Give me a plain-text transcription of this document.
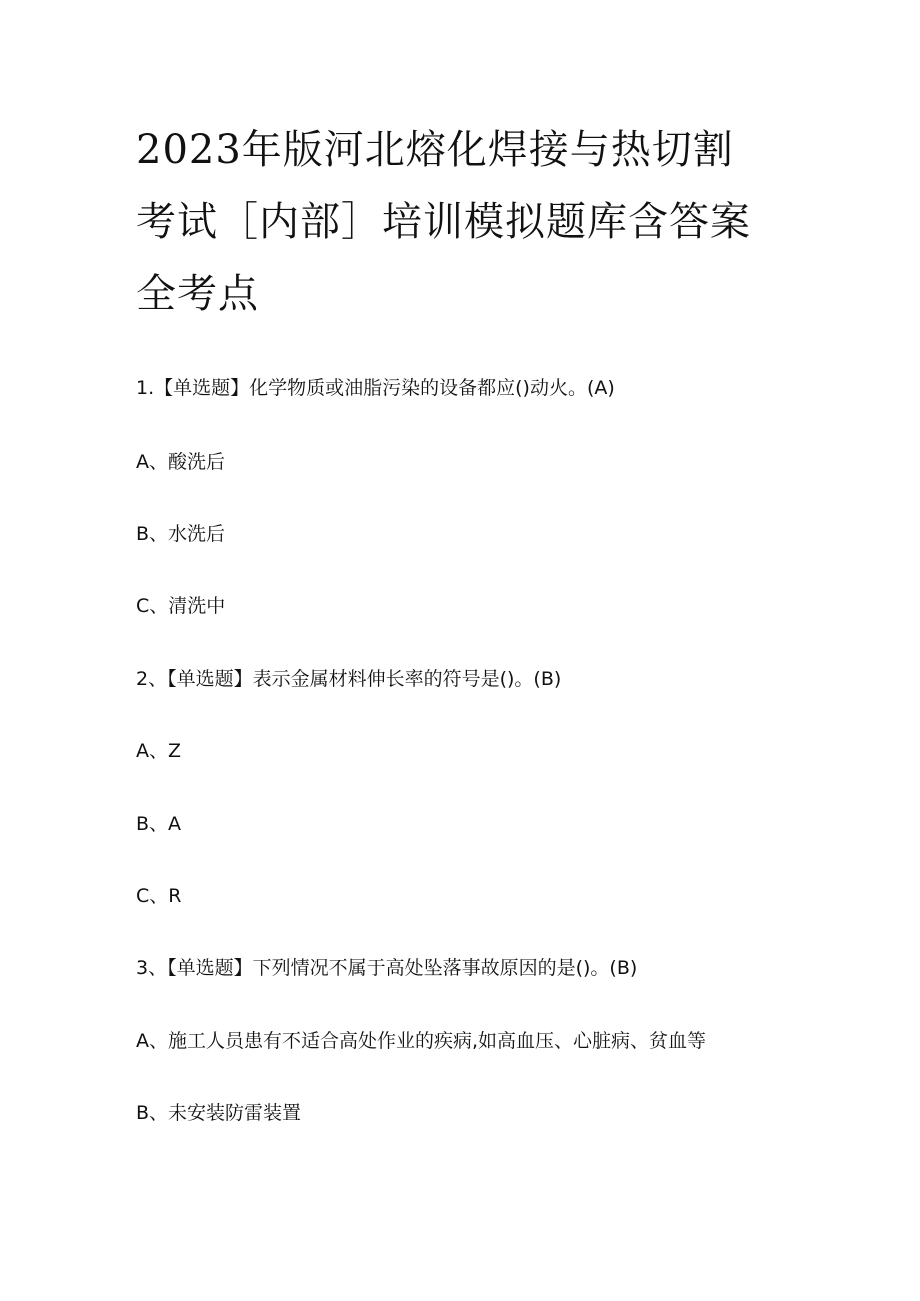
2023年版河北熔化焊接与热切割
考试［内部］培训模拟题库含答案
全考点
1.【单选题】化学物质或油脂污染的设备都应()动火。(A)
A、酸洗后
B、水洗后
C、清洗中
2、【单选题】表示金属材料伸长率的符号是()。(B)
A、Z
B、A
C、R
3、【单选题】下列情况不属于高处坠落事故原因的是()。(B)
A、施工人员患有不适合高处作业的疾病,如高血压、心脏病、贫血等
B、未安装防雷装置
